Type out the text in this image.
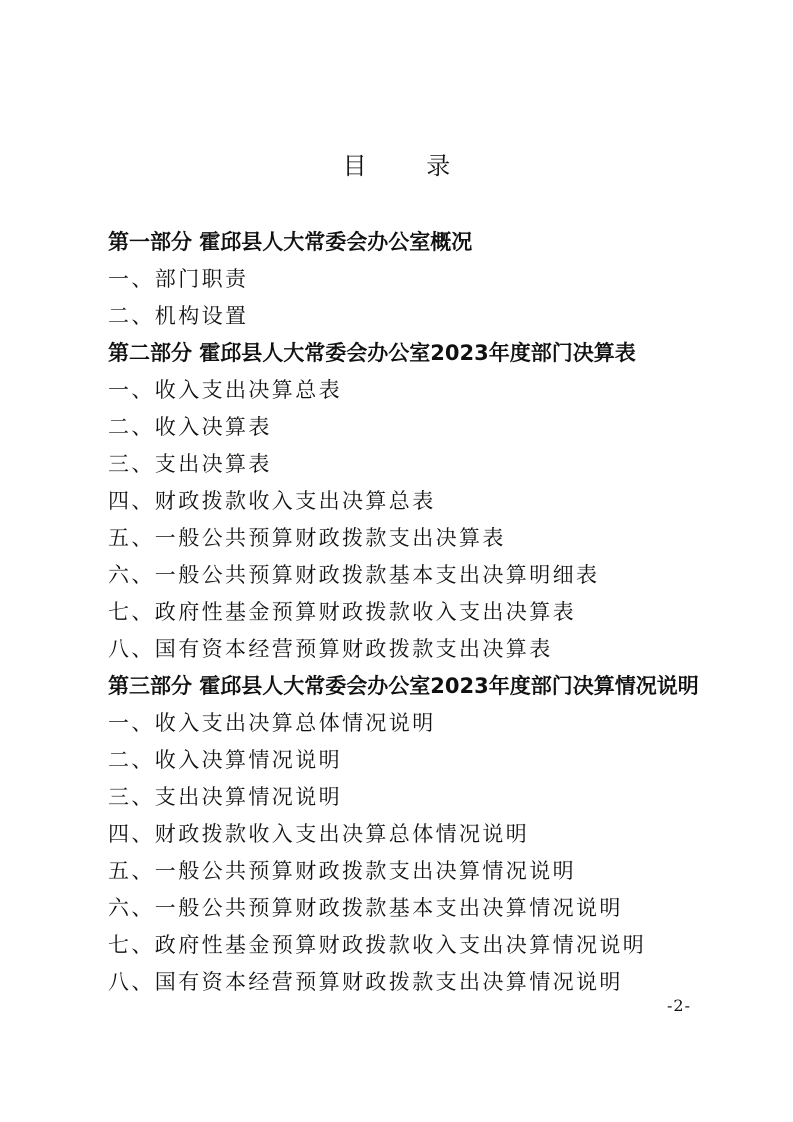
目 录
第一部分 霍邱县人大常委会办公室概况
一、部门职责
二、机构设置
第二部分 霍邱县人大常委会办公室2023年度部门决算表
一、收入支出决算总表
二、收入决算表
三、支出决算表
四、财政拨款收入支出决算总表
五、一般公共预算财政拨款支出决算表
六、一般公共预算财政拨款基本支出决算明细表
七、政府性基金预算财政拨款收入支出决算表
八、国有资本经营预算财政拨款支出决算表
第三部分 霍邱县人大常委会办公室2023年度部门决算情况说明
一、收入支出决算总体情况说明
二、收入决算情况说明
三、支出决算情况说明
四、财政拨款收入支出决算总体情况说明
五、一般公共预算财政拨款支出决算情况说明
六、一般公共预算财政拨款基本支出决算情况说明
七、政府性基金预算财政拨款收入支出决算情况说明
八、国有资本经营预算财政拨款支出决算情况说明
-2-
